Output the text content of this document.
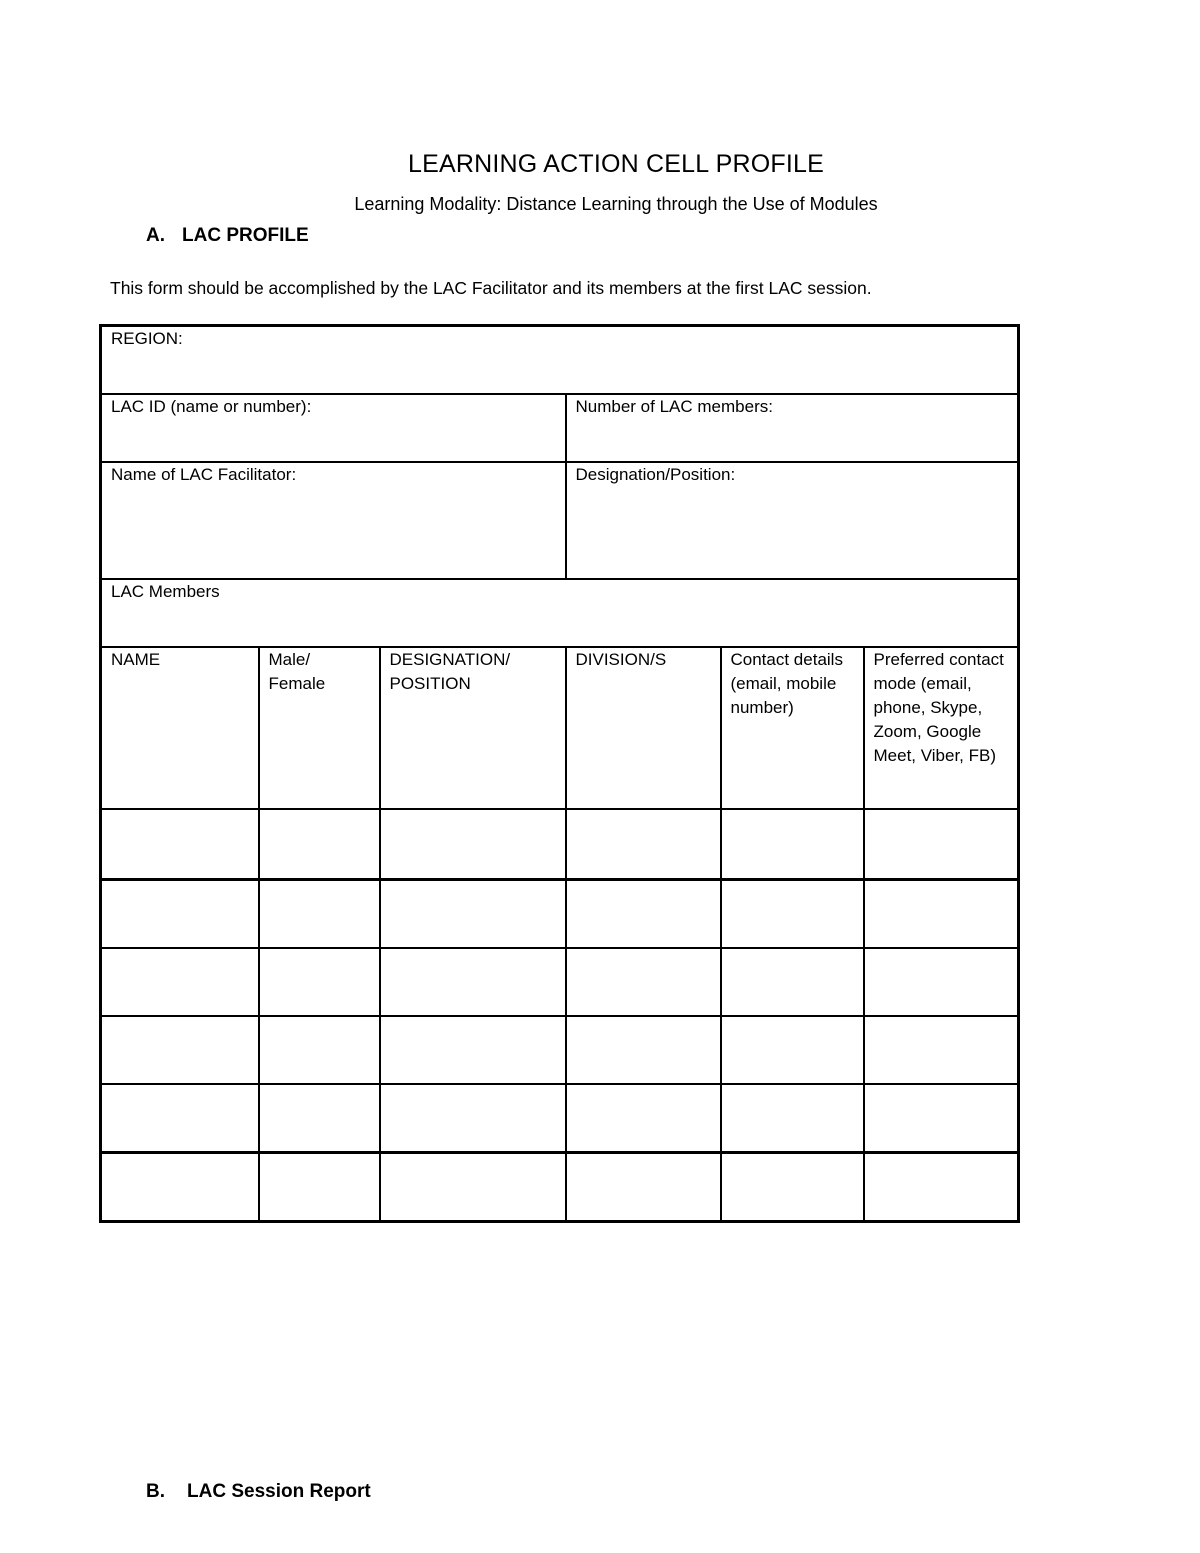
LEARNING ACTION CELL PROFILE
Learning Modality: Distance Learning through the Use of Modules
A. LAC PROFILE
This form should be accomplished by the LAC Facilitator and its members at the first LAC session.
REGION:					
LAC ID (name or number):			Number of LAC members:		
Name of LAC Facilitator:			Designation/Position:		
LAC Members					
NAME	Male/ Female	DESIGNATION/ POSITION	DIVISION/S	Contact details (email, mobile number)	Preferred contact mode (email, phone, Skype, Zoom, Google Meet, Viber, FB)

B. LAC Session Report
